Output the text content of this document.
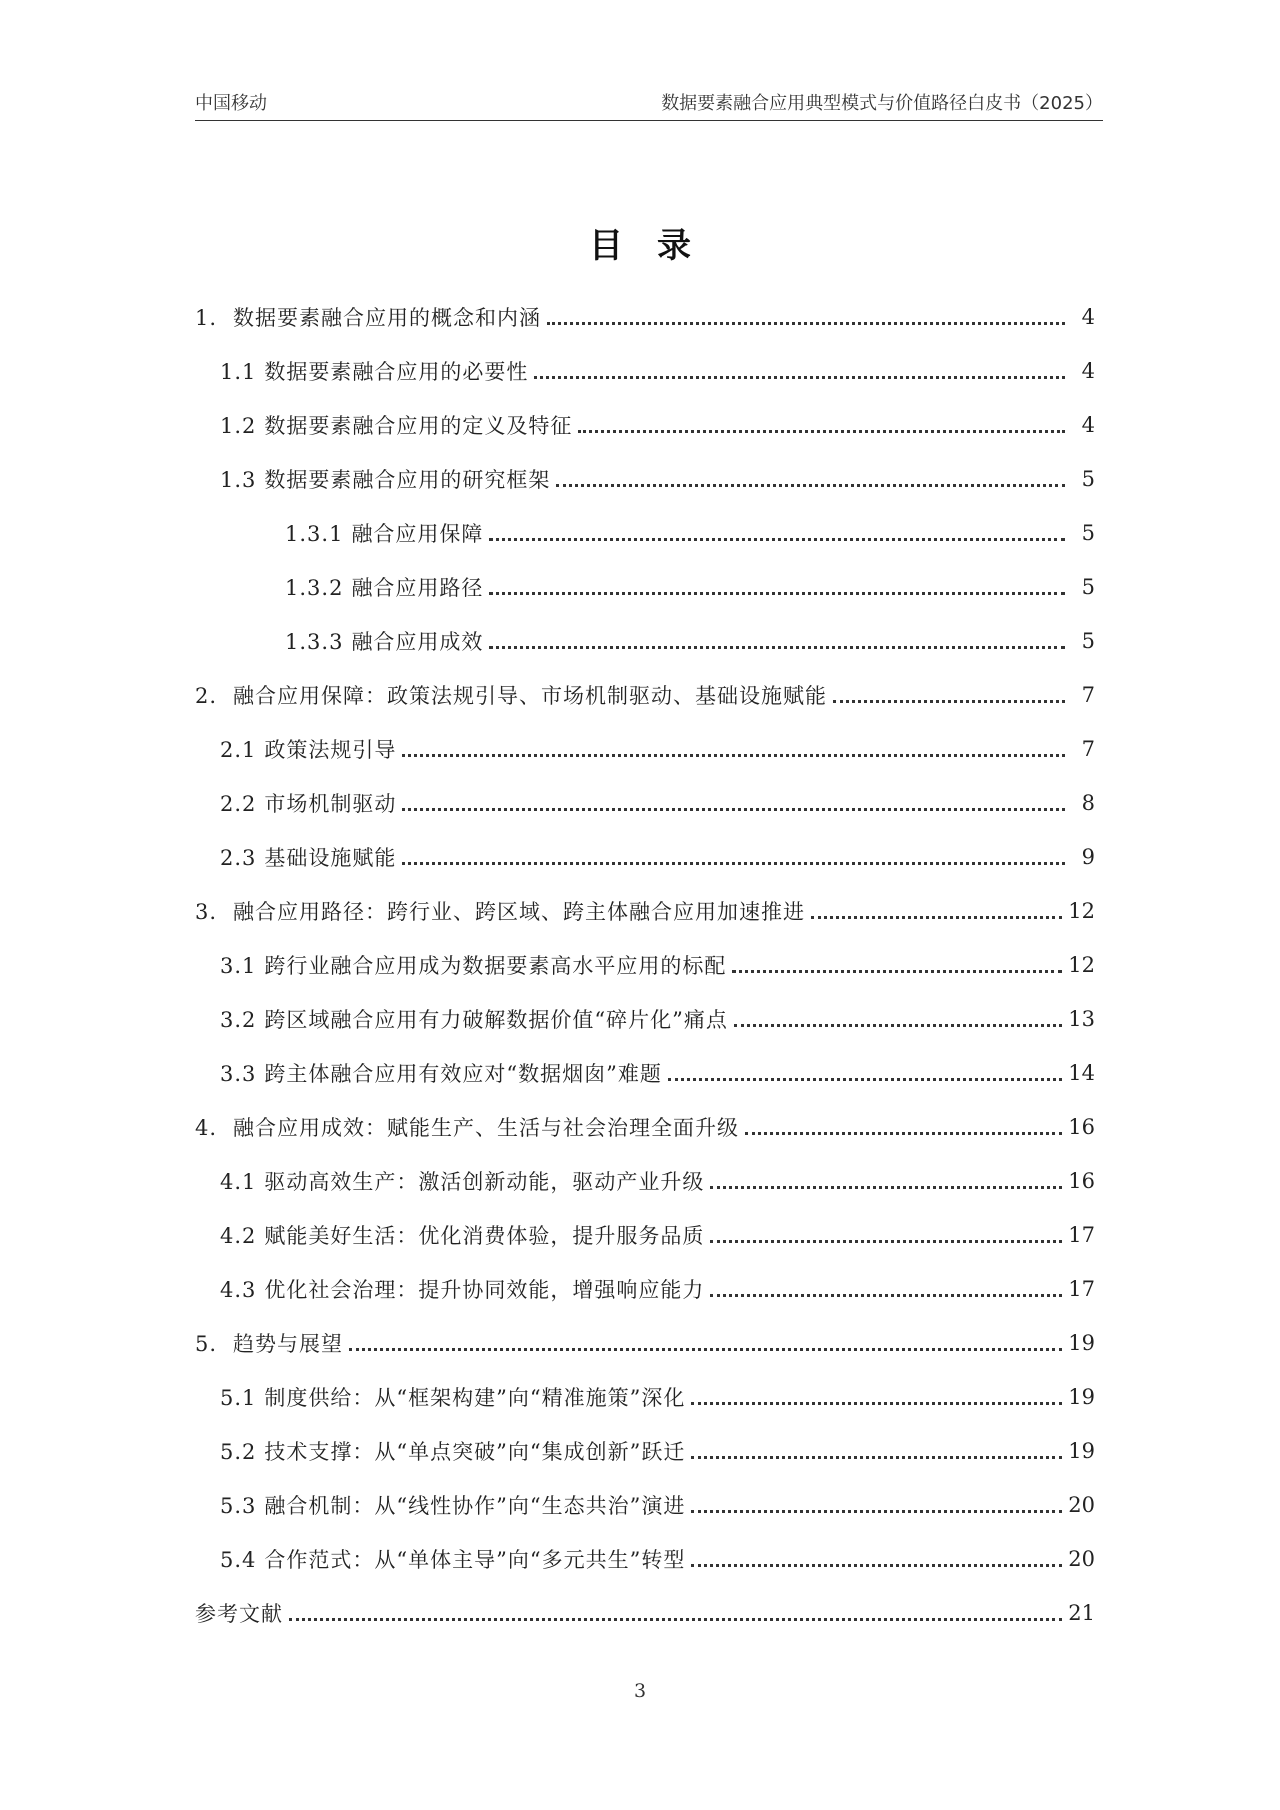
中国移动	数据要素融合应用典型模式与价值路径白皮书（2025）
目录
1. 数据要素融合应用的概念和内涵	4
1.1 数据要素融合应用的必要性	4
1.2 数据要素融合应用的定义及特征	4
1.3 数据要素融合应用的研究框架	5
1.3.1 融合应用保障	5
1.3.2 融合应用路径	5
1.3.3 融合应用成效	5
2. 融合应用保障：政策法规引导、市场机制驱动、基础设施赋能	7
2.1 政策法规引导	7
2.2 市场机制驱动	8
2.3 基础设施赋能	9
3. 融合应用路径：跨行业、跨区域、跨主体融合应用加速推进	12
3.1 跨行业融合应用成为数据要素高水平应用的标配	12
3.2 跨区域融合应用有力破解数据价值“碎片化”痛点	13
3.3 跨主体融合应用有效应对“数据烟囱”难题	14
4. 融合应用成效：赋能生产、生活与社会治理全面升级	16
4.1 驱动高效生产：激活创新动能，驱动产业升级	16
4.2 赋能美好生活：优化消费体验，提升服务品质	17
4.3 优化社会治理：提升协同效能，增强响应能力	17
5. 趋势与展望	19
5.1 制度供给：从“框架构建”向“精准施策”深化	19
5.2 技术支撑：从“单点突破”向“集成创新”跃迁	19
5.3 融合机制：从“线性协作”向“生态共治”演进	20
5.4 合作范式：从“单体主导”向“多元共生”转型	20
参考文献	21
3
